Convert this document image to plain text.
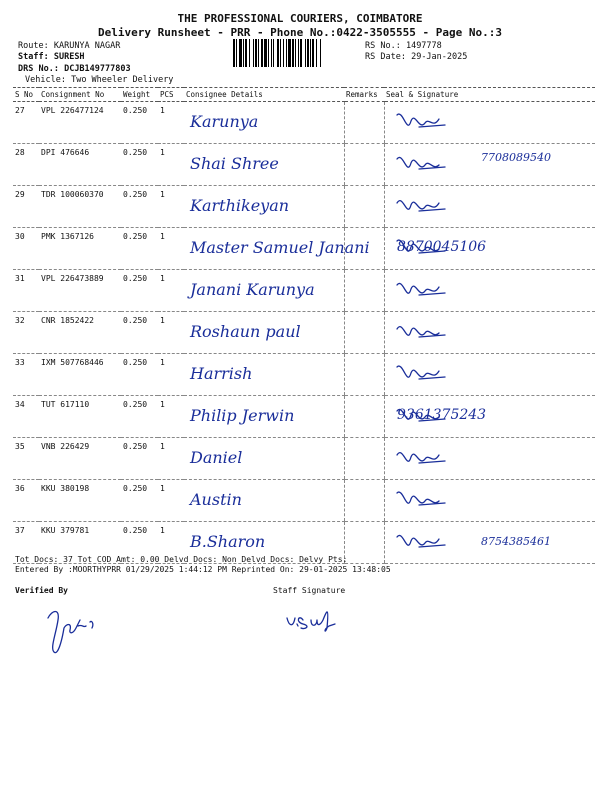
THE PROFESSIONAL COURIERS, COIMBATORE
Delivery Runsheet - PRR - Phone No.:0422-3505555 - Page No.:3
Route: KARUNYA NAGAR
Staff: SURESH
DRS No.: DCJB149777803
Vehicle: Two Wheeler Delivery
RS No.: 1497778
RS Date: 29-Jan-2025
S No	Consignment No	Weight	PCS	Consignee Details	Remarks	Seal & Signature
27	VPL 226477124	0.250	1	Karunya

28	DPI 476646	0.250	1	Shai Shree		7708089540

29	TDR 100060370	0.250	1	Karthikeyan

30	PMK 1367126	0.250	1	Master Samuel Janani		8870045106

31	VPL 226473889	0.250	1	Janani Karunya

32	CNR 1852422	0.250	1	Roshaun paul

33	IXM 507768446	0.250	1	Harrish

34	TUT 617110	0.250	1	Philip Jerwin		9361375243

35	VNB 226429	0.250	1	Daniel

36	KKU 380198	0.250	1	Austin

37	KKU 379781	0.250	1	B.Sharon		8754385461
Tot Docs: 37 Tot COD Amt: 0.00 Delvd Docs: Non Delvd Docs: Delvy Pts:
Entered By :MOORTHYPRR 01/29/2025 1:44:12 PM Reprinted On: 29-01-2025 13:48:05
Verified By	Staff Signature
